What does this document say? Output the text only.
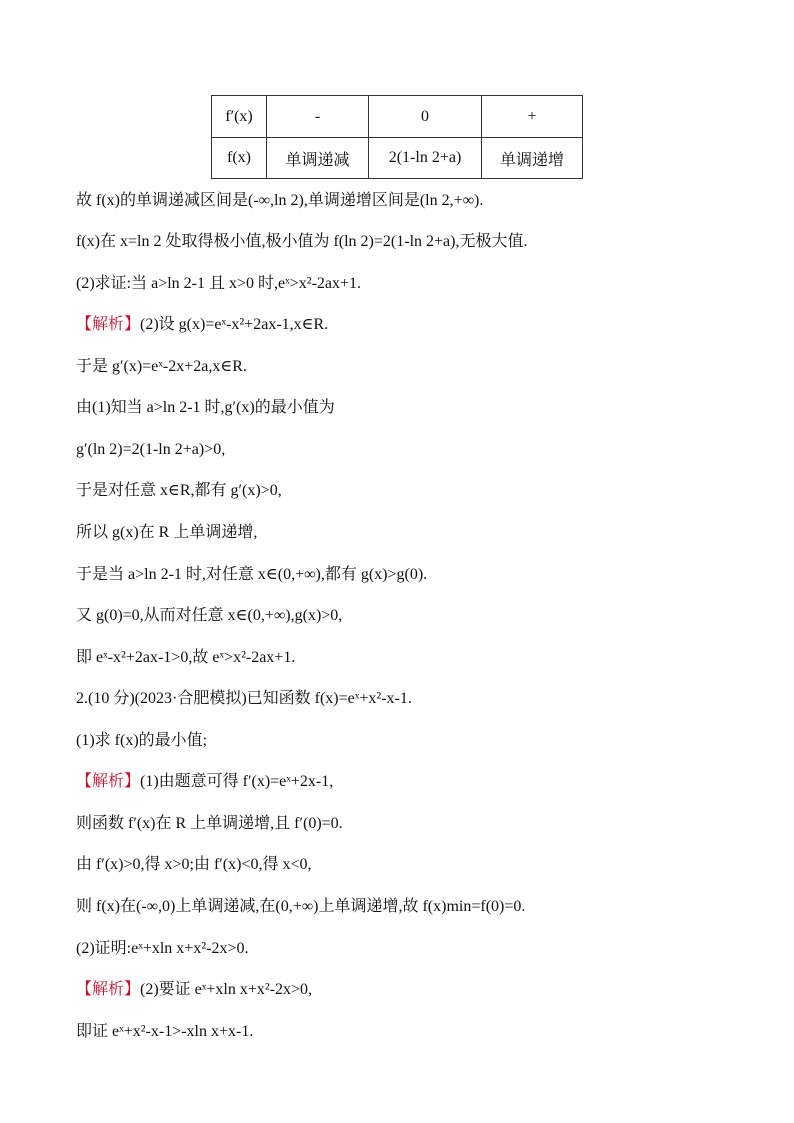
f′(x)	-	0	+
f(x)	单调递减	2(1-ln 2+a)	单调递增
故 f(x)的单调递减区间是(-∞,ln 2),单调递增区间是(ln 2,+∞).
f(x)在 x=ln 2 处取得极小值,极小值为 f(ln 2)=2(1-ln 2+a),无极大值.
(2)求证:当 a>ln 2-1 且 x>0 时,eˣ>x²-2ax+1.
【解析】(2)设 g(x)=eˣ-x²+2ax-1,x∈R.
于是 g′(x)=eˣ-2x+2a,x∈R.
由(1)知当 a>ln 2-1 时,g′(x)的最小值为
g′(ln 2)=2(1-ln 2+a)>0,
于是对任意 x∈R,都有 g′(x)>0,
所以 g(x)在 R 上单调递增,
于是当 a>ln 2-1 时,对任意 x∈(0,+∞),都有 g(x)>g(0).
又 g(0)=0,从而对任意 x∈(0,+∞),g(x)>0,
即 eˣ-x²+2ax-1>0,故 eˣ>x²-2ax+1.
2.(10 分)(2023·合肥模拟)已知函数 f(x)=eˣ+x²-x-1.
(1)求 f(x)的最小值;
【解析】(1)由题意可得 f′(x)=eˣ+2x-1,
则函数 f′(x)在 R 上单调递增,且 f′(0)=0.
由 f′(x)>0,得 x>0;由 f′(x)<0,得 x<0,
则 f(x)在(-∞,0)上单调递减,在(0,+∞)上单调递增,故 f(x)min=f(0)=0.
(2)证明:eˣ+xln x+x²-2x>0.
【解析】(2)要证 eˣ+xln x+x²-2x>0,
即证 eˣ+x²-x-1>-xln x+x-1.
